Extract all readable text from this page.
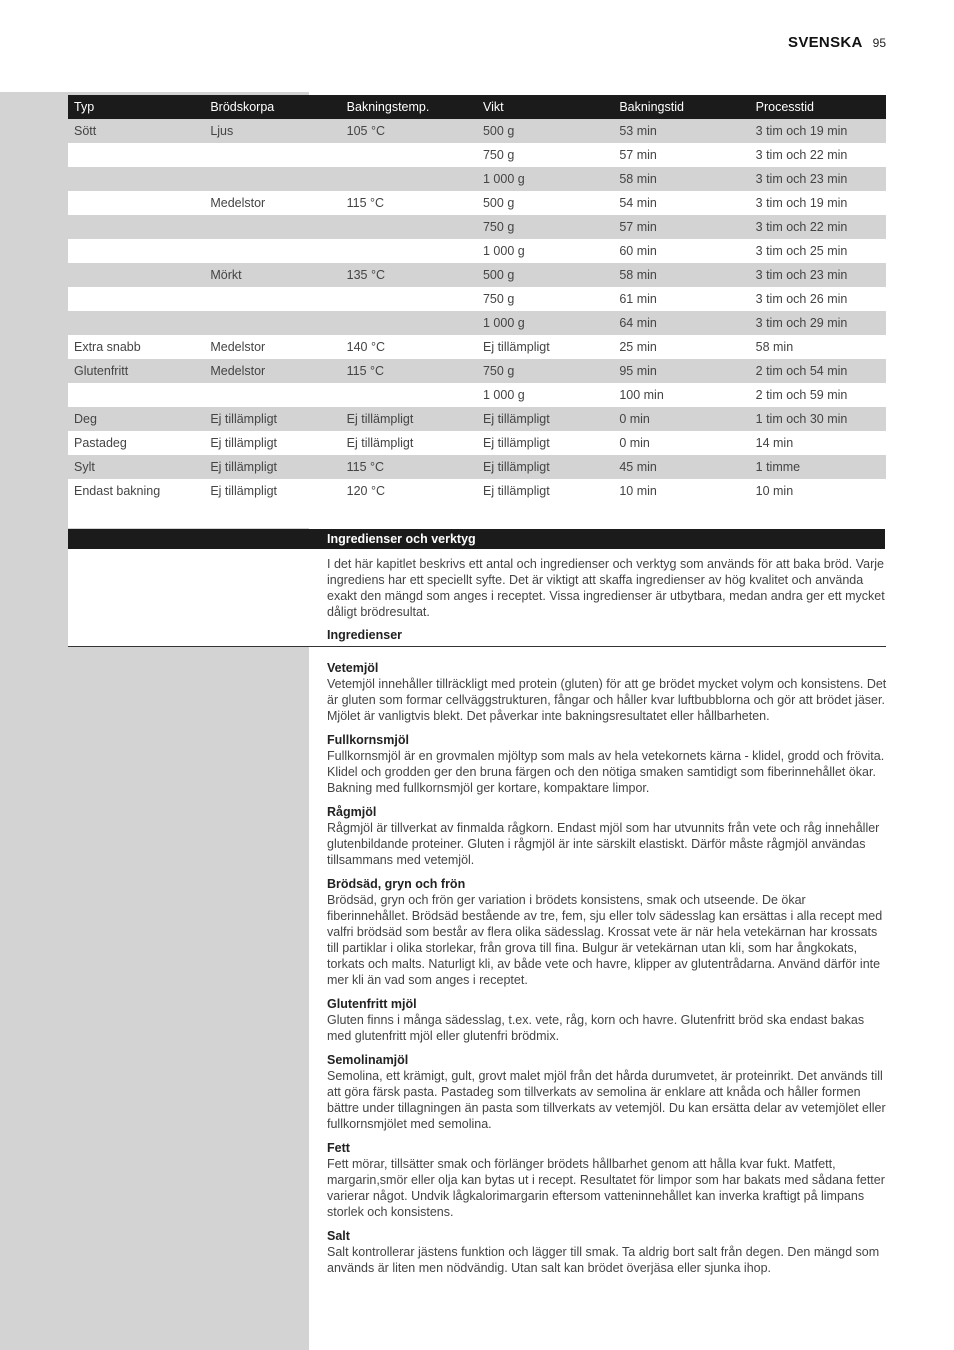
SVENSKA 95
Typ	Brödskorpa	Bakningstemp.	Vikt	Bakningstid	Processtid
Sött	Ljus	105 °C	500 g	53 min	3 tim och 19 min
			750 g	57 min	3 tim och 22 min
			1 000 g	58 min	3 tim och 23 min
	Medelstor	115 °C	500 g	54 min	3 tim och 19 min
			750 g	57 min	3 tim och 22 min
			1 000 g	60 min	3 tim och 25 min
	Mörkt	135 °C	500 g	58 min	3 tim och 23 min
			750 g	61 min	3 tim och 26 min
			1 000 g	64 min	3 tim och 29 min
Extra snabb	Medelstor	140 °C	Ej tillämpligt	25 min	58 min
Glutenfritt	Medelstor	115 °C	750 g	95 min	2 tim och 54 min
			1 000 g	100 min	2 tim och 59 min
Deg	Ej tillämpligt	Ej tillämpligt	Ej tillämpligt	0 min	1 tim och 30 min
Pastadeg	Ej tillämpligt	Ej tillämpligt	Ej tillämpligt	0 min	14 min
Sylt	Ej tillämpligt	115 °C	Ej tillämpligt	45 min	1 timme
Endast bakning	Ej tillämpligt	120 °C	Ej tillämpligt	10 min	10 min
Ingredienser och verktyg

I det här kapitlet beskrivs ett antal och ingredienser och verktyg som används för att baka bröd. Varje ingrediens har ett speciellt syfte. Det är viktigt att skaffa ingredienser av hög kvalitet och använda exakt den mängd som anges i receptet. Vissa ingredienser är utbytbara, medan andra ger ett mycket dåligt brödresultat.

Ingredienser
Vetemjöl

Vetemjöl innehåller tillräckligt med protein (gluten) för att ge brödet mycket volym och konsistens. Det är gluten som formar cellväggstrukturen, fångar och håller kvar luftbubblorna och gör att brödet jäser. Mjölet är vanligtvis blekt. Det påverkar inte bakningsresultatet eller hållbarheten.

Fullkornsmjöl

Fullkornsmjöl är en grovmalen mjöltyp som mals av hela vetekornets kärna - klidel, grodd och frövita. Klidel och grodden ger den bruna färgen och den nötiga smaken samtidigt som fiberinnehållet ökar. Bakning med fullkornsmjöl ger kortare, kompaktare limpor.

Rågmjöl

Rågmjöl är tillverkat av finmalda rågkorn. Endast mjöl som har utvunnits från vete och råg innehåller glutenbildande proteiner. Gluten i rågmjöl är inte särskilt elastiskt. Därför måste rågmjöl användas tillsammans med vetemjöl.

Brödsäd, gryn och frön

Brödsäd, gryn och frön ger variation i brödets konsistens, smak och utseende. De ökar fiberinnehållet. Brödsäd bestående av tre, fem, sju eller tolv sädesslag kan ersättas i alla recept med valfri brödsäd som består av flera olika sädesslag. Krossat vete är när hela vetekärnan har krossats till partiklar i olika storlekar, från grova till fina. Bulgur är vetekärnan utan kli, som har ångkokats, torkats och malts. Naturligt kli, av både vete och havre, klipper av glutentrådarna. Använd därför inte mer kli än vad som anges i receptet.

Glutenfritt mjöl

Gluten finns i många sädesslag, t.ex. vete, råg, korn och havre. Glutenfritt bröd ska endast bakas med glutenfritt mjöl eller glutenfri brödmix.

Semolinamjöl

Semolina, ett krämigt, gult, grovt malet mjöl från det hårda durumvetet, är proteinrikt. Det används till att göra färsk pasta. Pastadeg som tillverkats av semolina är enklare att knåda och håller formen bättre under tillagningen än pasta som tillverkats av vetemjöl. Du kan ersätta delar av vetemjölet eller fullkornsmjölet med semolina.

Fett

Fett mörar, tillsätter smak och förlänger brödets hållbarhet genom att hålla kvar fukt. Matfett, margarin,smör eller olja kan bytas ut i recept. Resultatet för limpor som har bakats med sådana fetter varierar något. Undvik lågkalorimargarin eftersom vatteninnehållet kan inverka kraftigt på limpans storlek och konsistens.

Salt

Salt kontrollerar jästens funktion och lägger till smak. Ta aldrig bort salt från degen. Den mängd som används är liten men nödvändig. Utan salt kan brödet överjäsa eller sjunka ihop.
